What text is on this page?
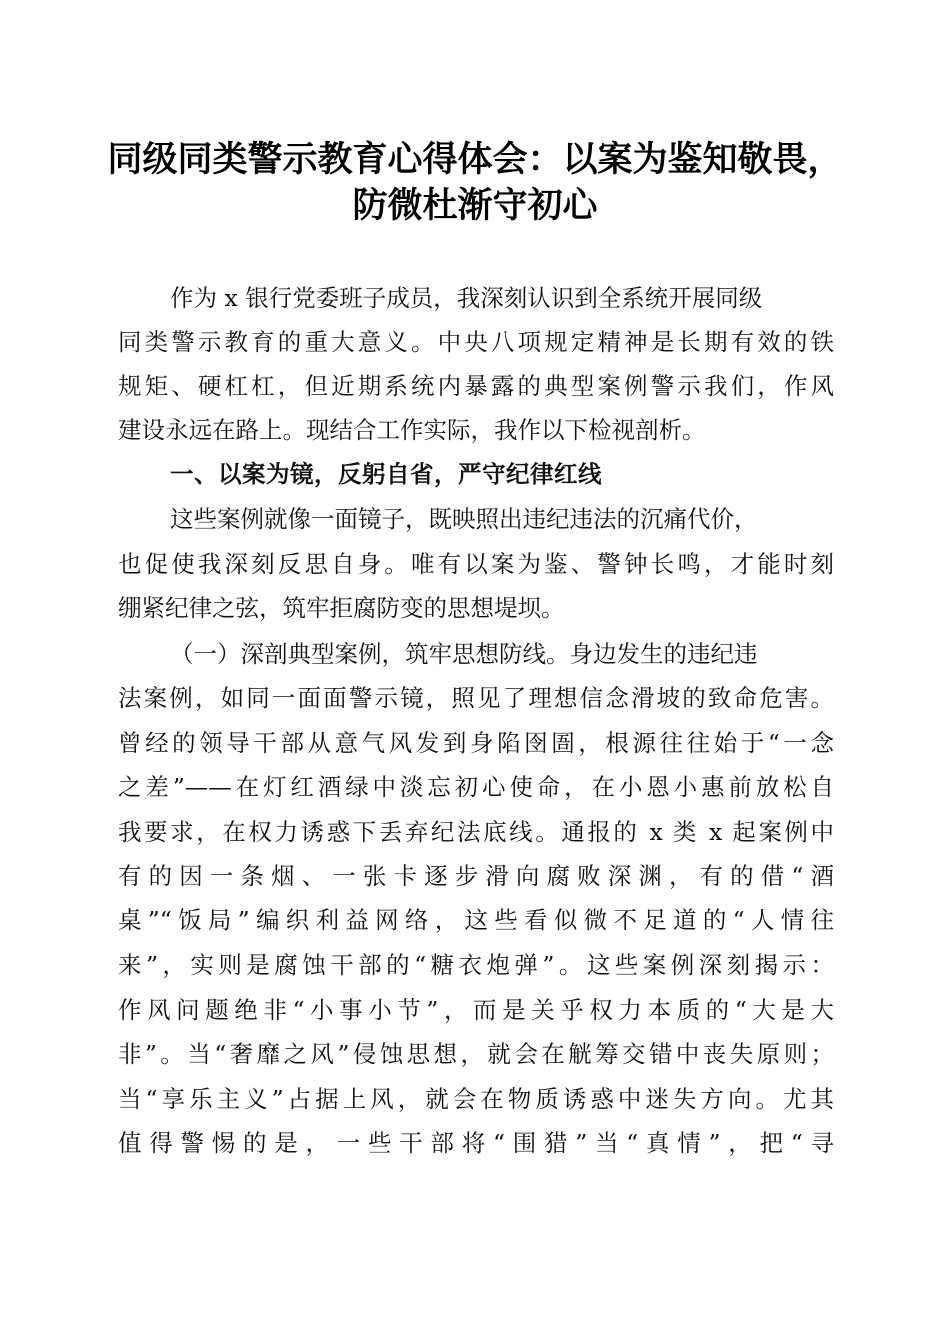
同级同类警示教育心得体会：以案为鉴知敬畏，
防微杜渐守初心
作为 x 银行党委班子成员，我深刻认识到全系统开展同级
同类警示教育的重大意义。中央八项规定精神是长期有效的铁
规矩、硬杠杠，但近期系统内暴露的典型案例警示我们，作风
建设永远在路上。现结合工作实际，我作以下检视剖析。
一、以案为镜，反躬自省，严守纪律红线
这些案例就像一面镜子，既映照出违纪违法的沉痛代价，
也促使我深刻反思自身。唯有以案为鉴、警钟长鸣，才能时刻
绷紧纪律之弦，筑牢拒腐防变的思想堤坝。
（一）深剖典型案例，筑牢思想防线。身边发生的违纪违
法案例，如同一面面警示镜，照见了理想信念滑坡的致命危害。
曾经的领导干部从意气风发到身陷囹圄，根源往往始于“一念
之差”——在灯红酒绿中淡忘初心使命，在小恩小惠前放松自
我要求，在权力诱惑下丢弃纪法底线。通报的 x 类 x 起案例中
有的因一条烟、一张卡逐步滑向腐败深渊，有的借“酒
桌”“饭局”编织利益网络，这些看似微不足道的“人情往
来”，实则是腐蚀干部的“糖衣炮弹”。这些案例深刻揭示：
作风问题绝非“小事小节”，而是关乎权力本质的“大是大
非”。当“奢靡之风”侵蚀思想，就会在觥筹交错中丧失原则；
当“享乐主义”占据上风，就会在物质诱惑中迷失方向。尤其
值得警惕的是，一些干部将“围猎”当“真情”，把“寻
